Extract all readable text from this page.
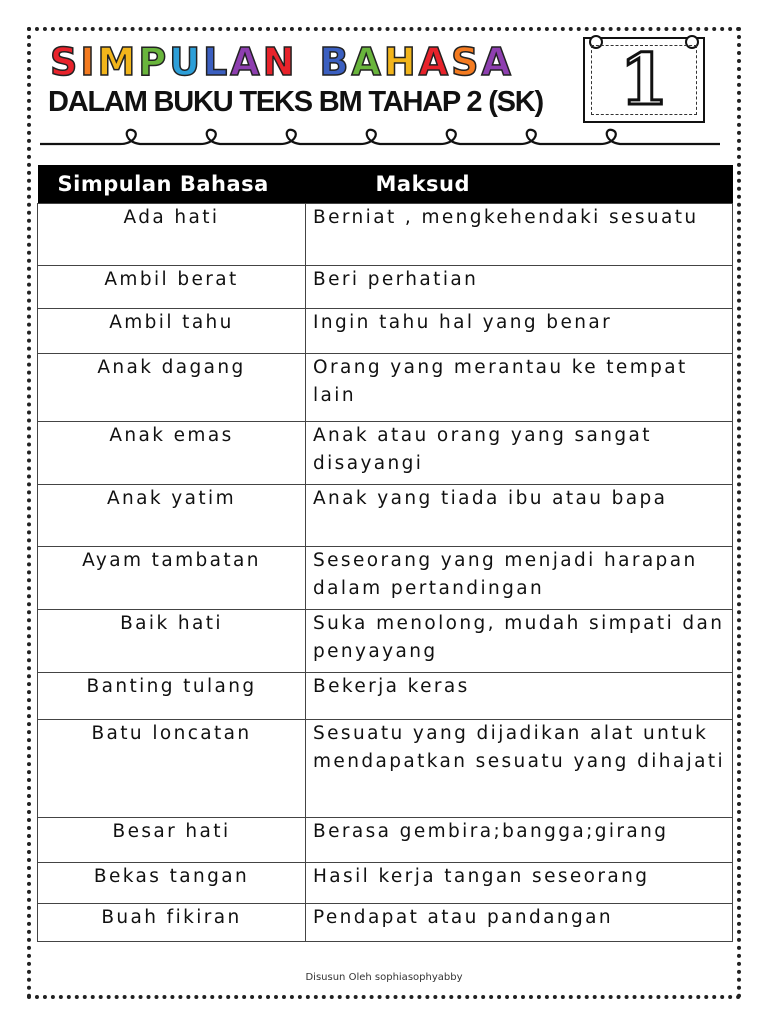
SIMPULAN BAHASA
DALAM BUKU TEKS BM TAHAP 2 (SK)	1
Simpulan Bahasa	Maksud
Ada hati	Berniat , mengkehendaki sesuatu
Ambil berat	Beri perhatian
Ambil tahu	Ingin tahu hal yang benar
Anak dagang	Orang yang merantau ke tempat lain
Anak emas	Anak atau orang yang sangat disayangi
Anak yatim	Anak yang tiada ibu atau bapa
Ayam tambatan	Seseorang yang menjadi harapan dalam pertandingan
Baik hati	Suka menolong, mudah simpati dan penyayang
Banting tulang	Bekerja keras
Batu loncatan	Sesuatu yang dijadikan alat untuk mendapatkan sesuatu yang dihajati
Besar hati	Berasa gembira;bangga;girang
Bekas tangan	Hasil kerja tangan seseorang
Buah fikiran	Pendapat atau pandangan
Disusun Oleh sophiasophyabby
